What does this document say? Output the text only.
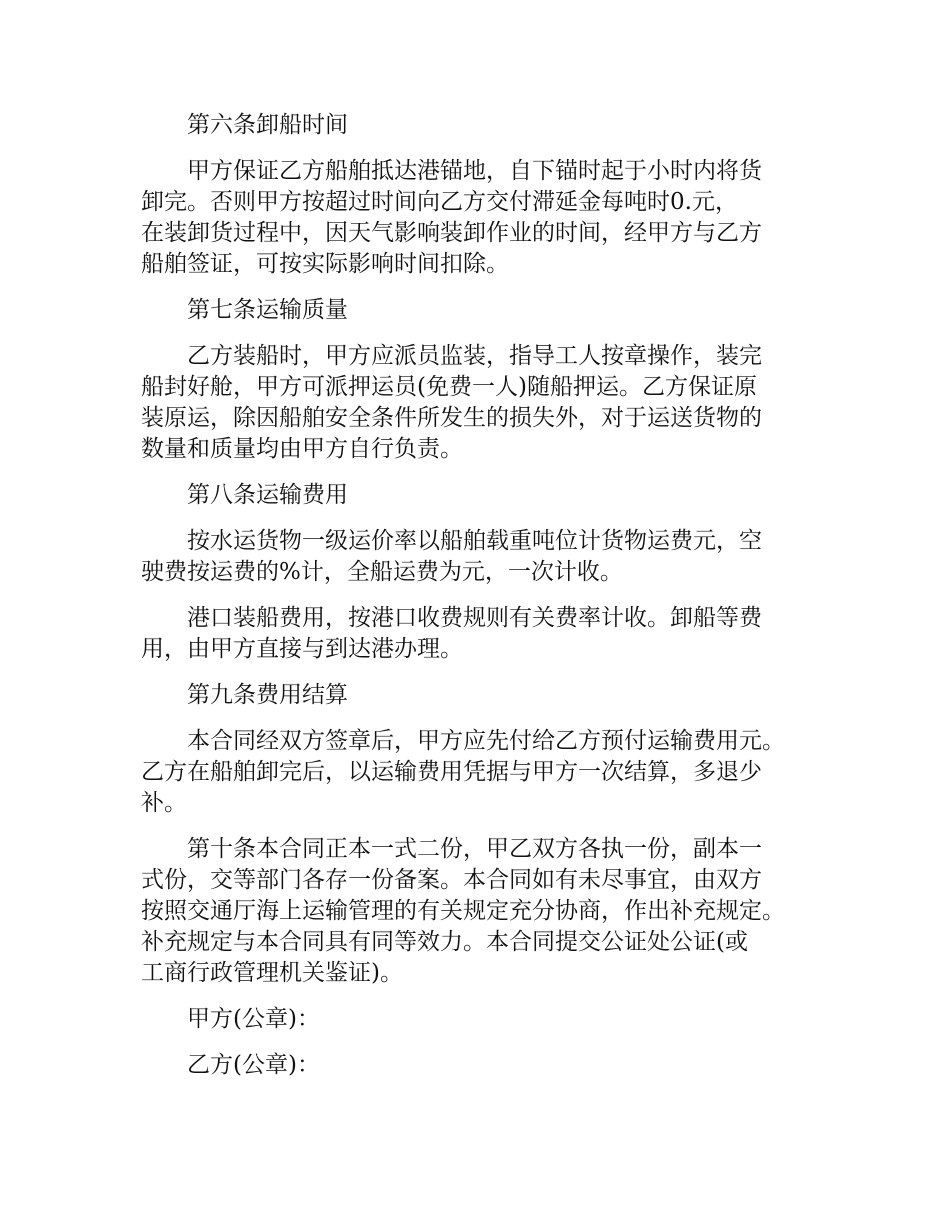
第六条卸船时间

甲方保证乙方船舶抵达港锚地，自下锚时起于小时内将货
卸完。否则甲方按超过时间向乙方交付滞延金每吨时0.元，
在装卸货过程中，因天气影响装卸作业的时间，经甲方与乙方
船舶签证，可按实际影响时间扣除。

第七条运输质量

乙方装船时，甲方应派员监装，指导工人按章操作，装完
船封好舱，甲方可派押运员(免费一人)随船押运。乙方保证原
装原运，除因船舶安全条件所发生的损失外，对于运送货物的
数量和质量均由甲方自行负责。

第八条运输费用

按水运货物一级运价率以船舶载重吨位计货物运费元，空
驶费按运费的%计，全船运费为元，一次计收。

港口装船费用，按港口收费规则有关费率计收。卸船等费
用，由甲方直接与到达港办理。

第九条费用结算

本合同经双方签章后，甲方应先付给乙方预付运输费用元。
乙方在船舶卸完后，以运输费用凭据与甲方一次结算，多退少
补。

第十条本合同正本一式二份，甲乙双方各执一份，副本一
式份，交等部门各存一份备案。本合同如有未尽事宜，由双方
按照交通厅海上运输管理的有关规定充分协商，作出补充规定。
补充规定与本合同具有同等效力。本合同提交公证处公证(或
工商行政管理机关鉴证)。

甲方(公章)：

乙方(公章)：
